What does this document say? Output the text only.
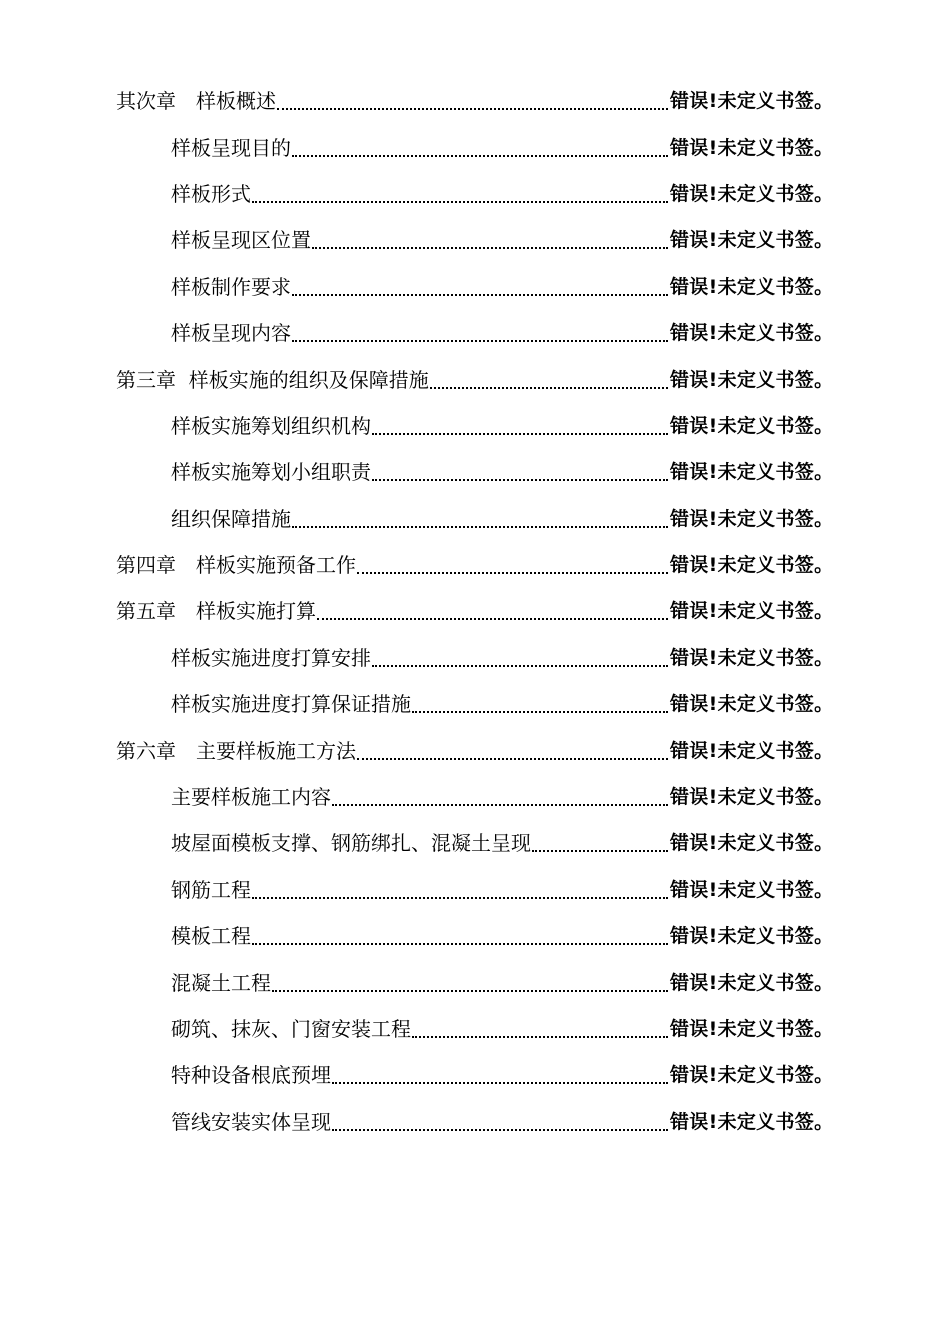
其次章　样板概述	错误!未定义书签。
样板呈现目的	错误!未定义书签。
样板形式	错误!未定义书签。
样板呈现区位置	错误!未定义书签。
样板制作要求	错误!未定义书签。
样板呈现内容	错误!未定义书签。
第三章  样板实施的组织及保障措施	错误!未定义书签。
样板实施筹划组织机构	错误!未定义书签。
样板实施筹划小组职责	错误!未定义书签。
组织保障措施	错误!未定义书签。
第四章　样板实施预备工作	错误!未定义书签。
第五章　样板实施打算	错误!未定义书签。
样板实施进度打算安排	错误!未定义书签。
样板实施进度打算保证措施	错误!未定义书签。
第六章　主要样板施工方法	错误!未定义书签。
主要样板施工内容	错误!未定义书签。
坡屋面模板支撑、钢筋绑扎、混凝土呈现	错误!未定义书签。
钢筋工程	错误!未定义书签。
模板工程	错误!未定义书签。
混凝土工程	错误!未定义书签。
砌筑、抹灰、门窗安装工程	错误!未定义书签。
特种设备根底预埋	错误!未定义书签。
管线安装实体呈现	错误!未定义书签。
